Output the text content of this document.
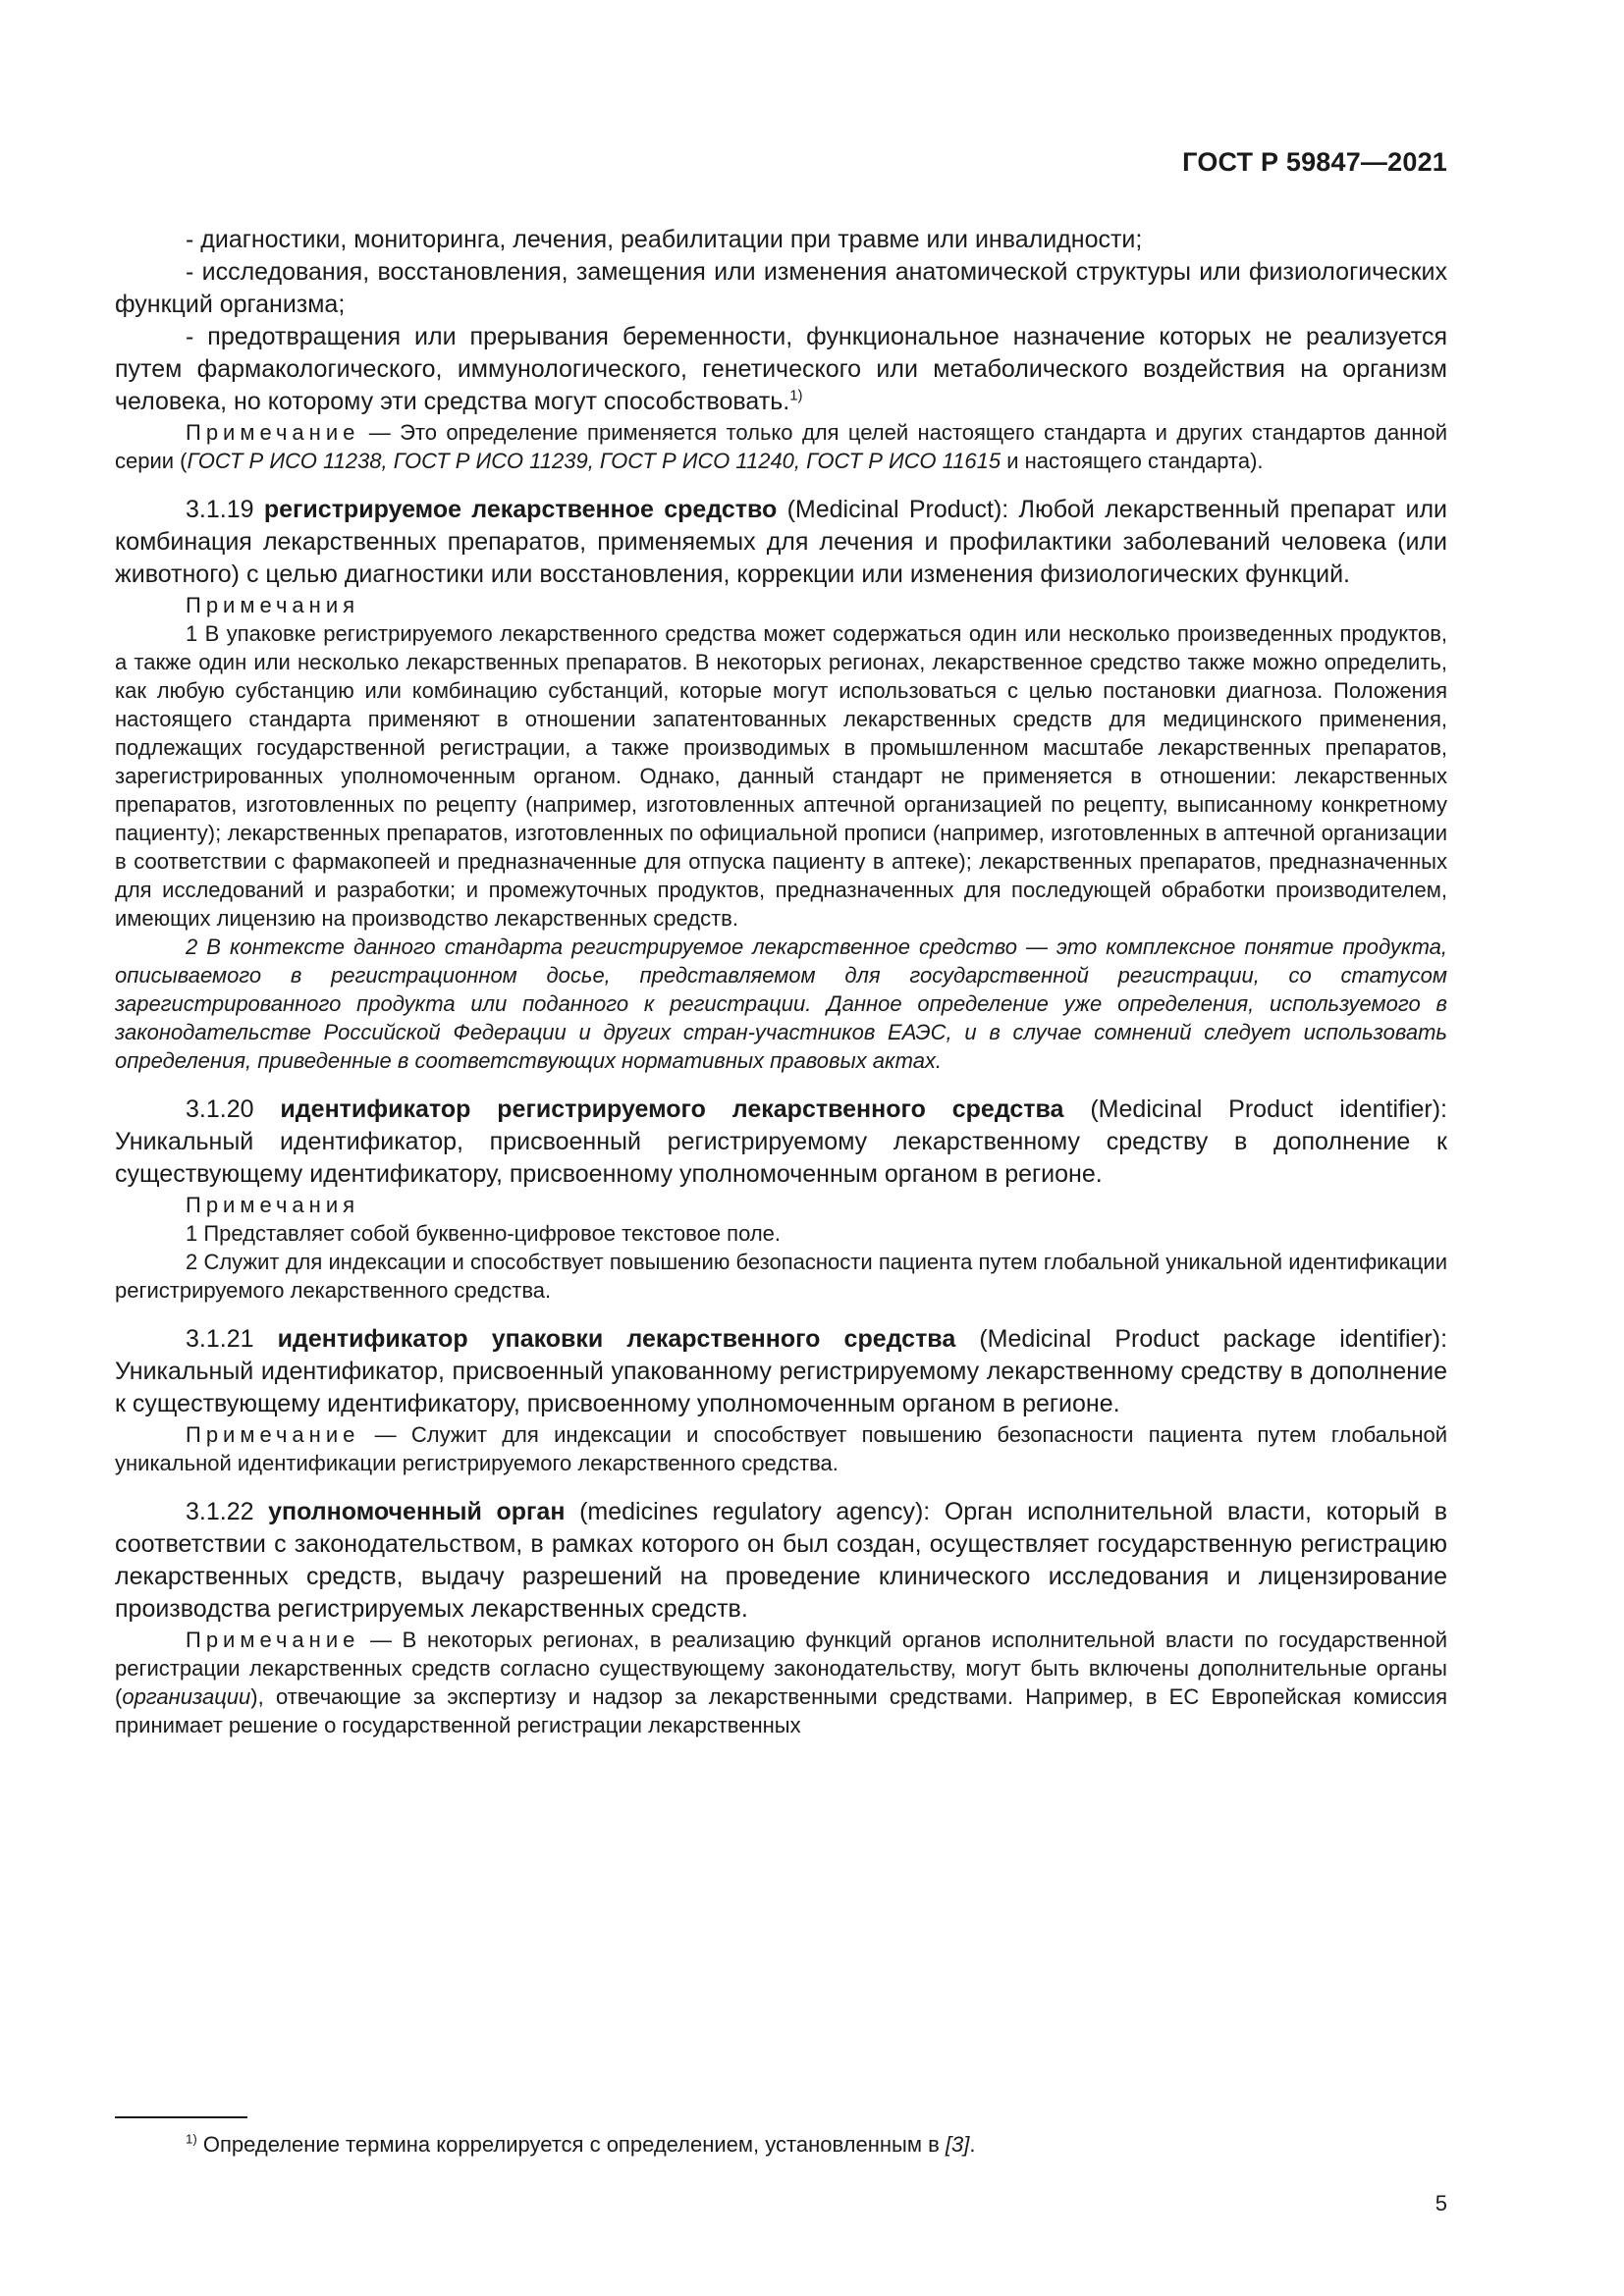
ГОСТ Р 59847—2021

- диагностики, мониторинга, лечения, реабилитации при травме или инвалидности;

- исследования, восстановления, замещения или изменения анатомической структуры или физиологических функций организма;

- предотвращения или прерывания беременности, функциональное назначение которых не реализуется путем фармакологического, иммунологического, генетического или метаболического воздействия на организм человека, но которому эти средства могут способствовать.$^{1)}$

Примечание — Это определение применяется только для целей настоящего стандарта и других стандартов данной серии (ГОСТ Р ИСО 11238, ГОСТ Р ИСО 11239, ГОСТ Р ИСО 11240, ГОСТ Р ИСО 11615 и настоящего стандарта).

3.1.19 регистрируемое лекарственное средство (Medicinal Product): Любой лекарственный препарат или комбинация лекарственных препаратов, применяемых для лечения и профилактики заболеваний человека (или животного) с целью диагностики или восстановления, коррекции или изменения физиологических функций.

Примечания

1 В упаковке регистрируемого лекарственного средства может содержаться один или несколько произведенных продуктов, а также один или несколько лекарственных препаратов. В некоторых регионах, лекарственное средство также можно определить, как любую субстанцию или комбинацию субстанций, которые могут использоваться с целью постановки диагноза. Положения настоящего стандарта применяют в отношении запатентованных лекарственных средств для медицинского применения, подлежащих государственной регистрации, а также производимых в промышленном масштабе лекарственных препаратов, зарегистрированных уполномоченным органом. Однако, данный стандарт не применяется в отношении: лекарственных препаратов, изготовленных по рецепту (например, изготовленных аптечной организацией по рецепту, выписанному конкретному пациенту); лекарственных препаратов, изготовленных по официальной прописи (например, изготовленных в аптечной организации в соответствии с фармакопеей и предназначенные для отпуска пациенту в аптеке); лекарственных препаратов, предназначенных для исследований и разработки; и промежуточных продуктов, предназначенных для последующей обработки производителем, имеющих лицензию на производство лекарственных средств.

2 В контексте данного стандарта регистрируемое лекарственное средство — это комплексное понятие продукта, описываемого в регистрационном досье, представляемом для государственной регистрации, со статусом зарегистрированного продукта или поданного к регистрации. Данное определение уже определения, используемого в законодательстве Российской Федерации и других стран-участников ЕАЭС, и в случае сомнений следует использовать определения, приведенные в соответствующих нормативных правовых актах.

3.1.20 идентификатор регистрируемого лекарственного средства (Medicinal Product identifier): Уникальный идентификатор, присвоенный регистрируемому лекарственному средству в дополнение к существующему идентификатору, присвоенному уполномоченным органом в регионе.

Примечания

1 Представляет собой буквенно-цифровое текстовое поле.

2 Служит для индексации и способствует повышению безопасности пациента путем глобальной уникальной идентификации регистрируемого лекарственного средства.

3.1.21 идентификатор упаковки лекарственного средства (Medicinal Product package identifier): Уникальный идентификатор, присвоенный упакованному регистрируемому лекарственному средству в дополнение к существующему идентификатору, присвоенному уполномоченным органом в регионе.

Примечание — Служит для индексации и способствует повышению безопасности пациента путем глобальной уникальной идентификации регистрируемого лекарственного средства.

3.1.22 уполномоченный орган (medicines regulatory agency): Орган исполнительной власти, который в соответствии с законодательством, в рамках которого он был создан, осуществляет государственную регистрацию лекарственных средств, выдачу разрешений на проведение клинического исследования и лицензирование производства регистрируемых лекарственных средств.

Примечание — В некоторых регионах, в реализацию функций органов исполнительной власти по государственной регистрации лекарственных средств согласно существующему законодательству, могут быть включены дополнительные органы (организации), отвечающие за экспертизу и надзор за лекарственными средствами. Например, в ЕС Европейская комиссия принимает решение о государственной регистрации лекарственных

$^{1)}$ Определение термина коррелируется с определением, установленным в [3].

5
